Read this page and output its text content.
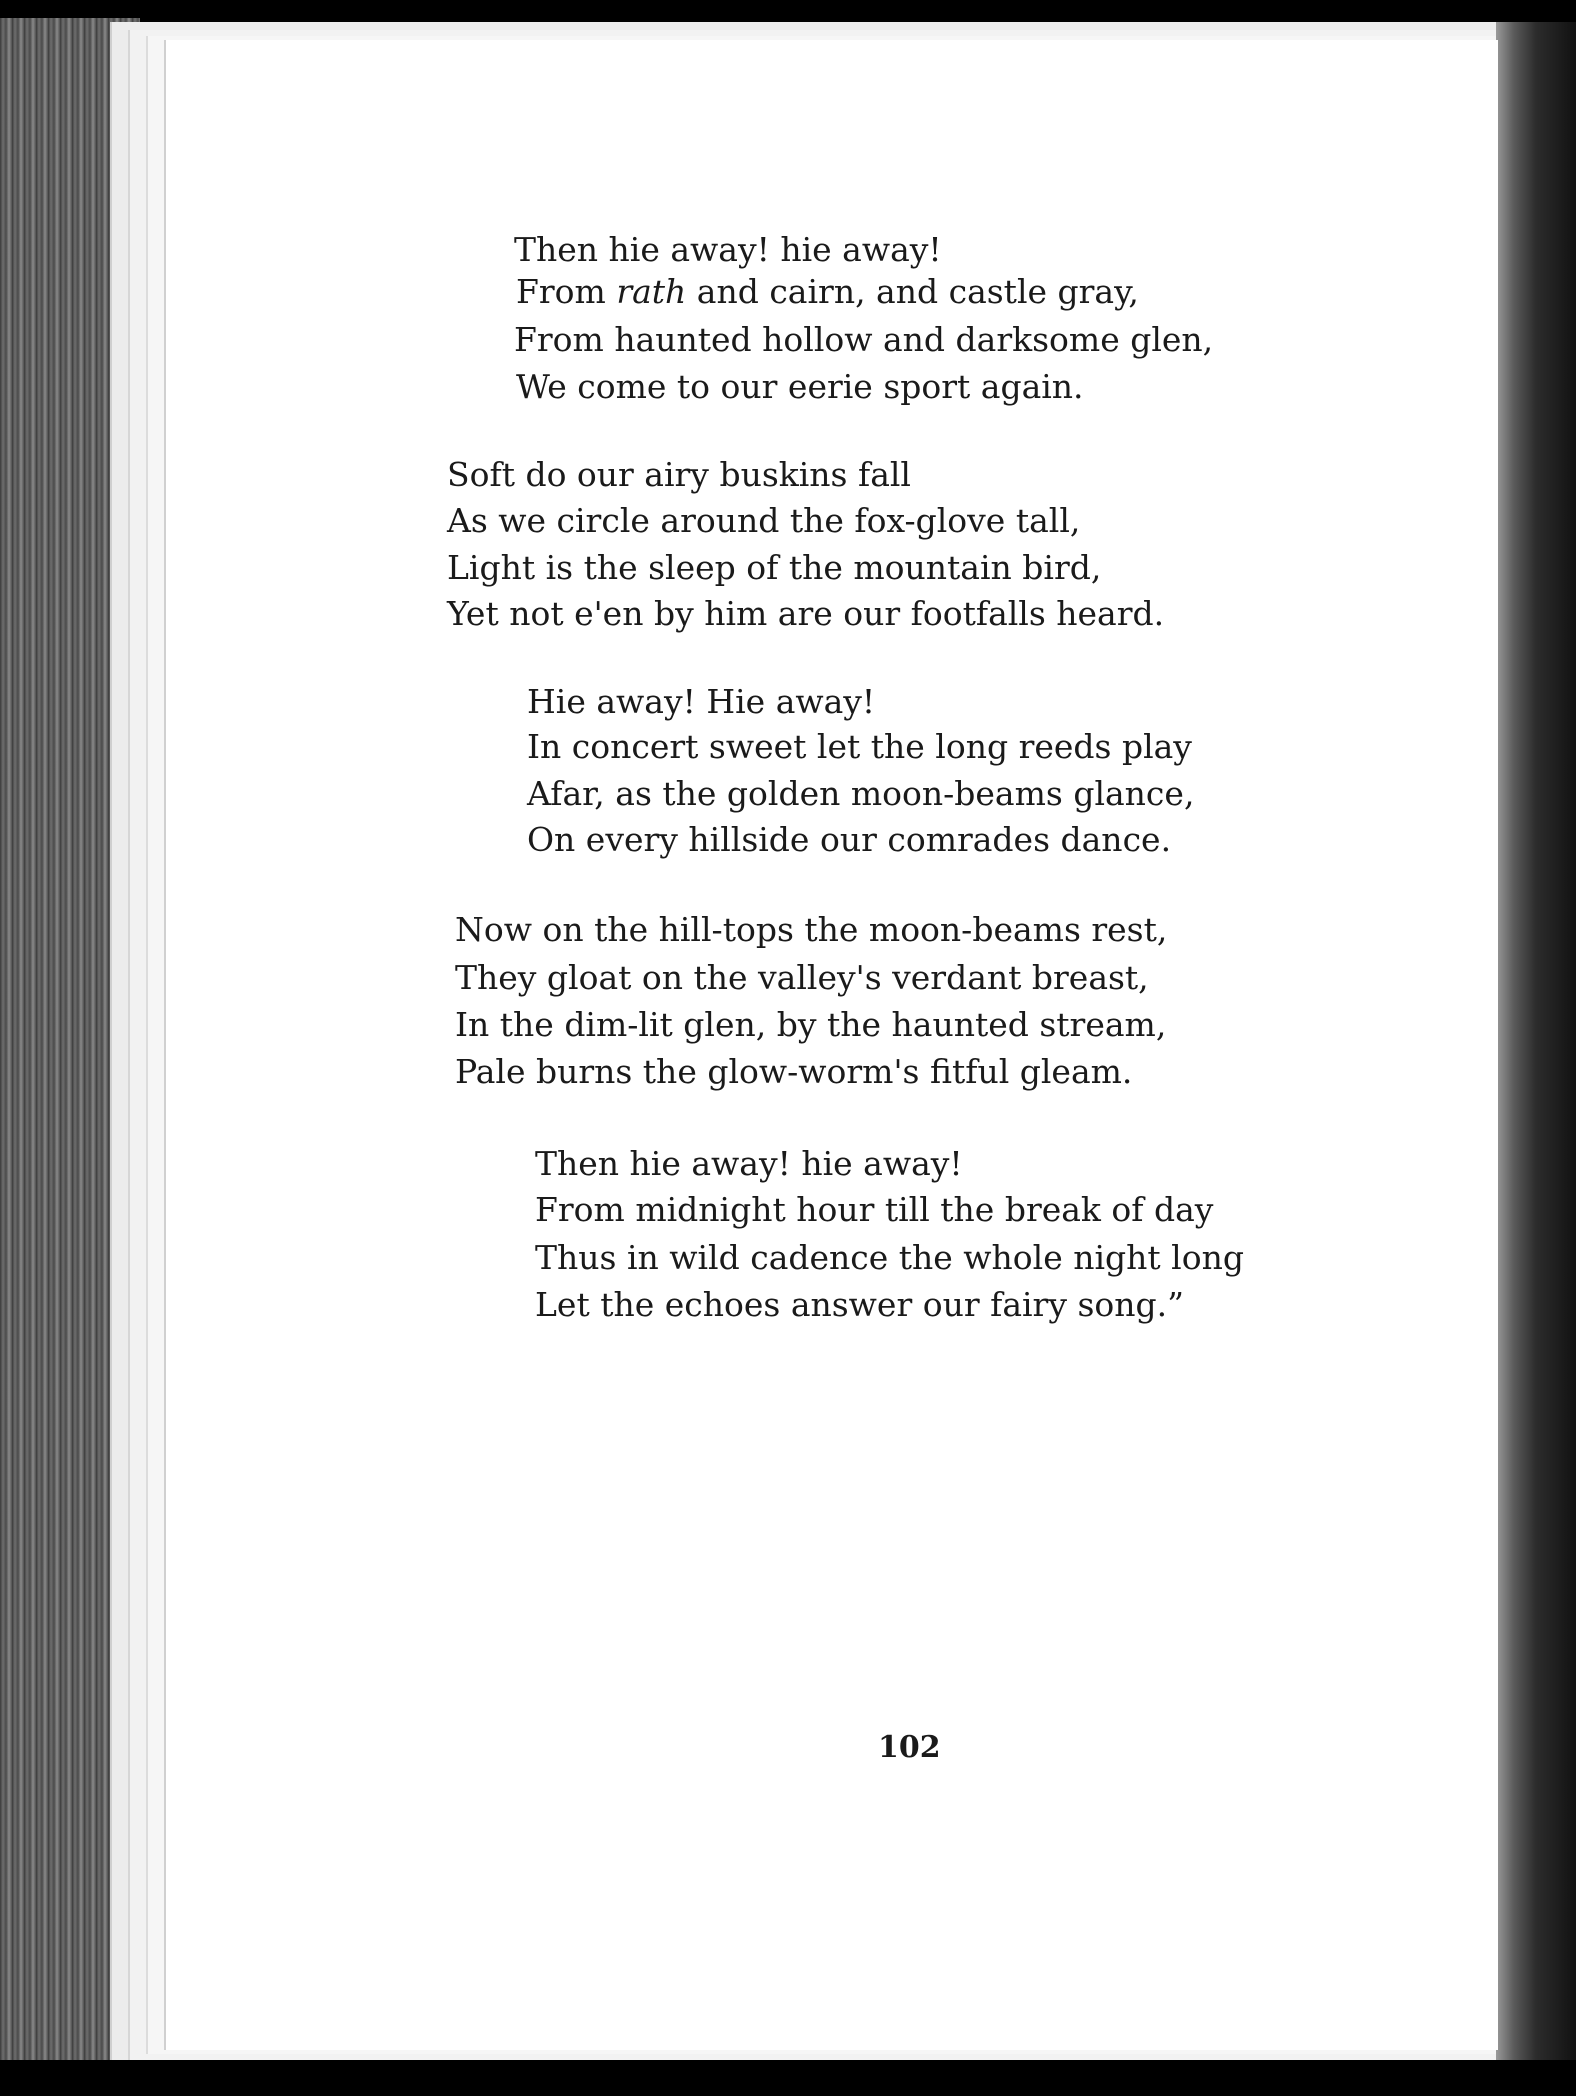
Then hie away! hie away!

From rath and cairn, and castle gray,

From haunted hollow and darksome glen,

We come to our eerie sport again.

Soft do our airy buskins fall

As we circle around the fox-glove tall,

Light is the sleep of the mountain bird,

Yet not e'en by him are our footfalls heard.

Hie away! Hie away!

In concert sweet let the long reeds play

Afar, as the golden moon-beams glance,

On every hillside our comrades dance.

Now on the hill-tops the moon-beams rest,

They gloat on the valley's verdant breast,

In the dim-lit glen, by the haunted stream,

Pale burns the glow-worm's fitful gleam.

Then hie away! hie away!

From midnight hour till the break of day

Thus in wild cadence the whole night long

Let the echoes answer our fairy song.”

102
